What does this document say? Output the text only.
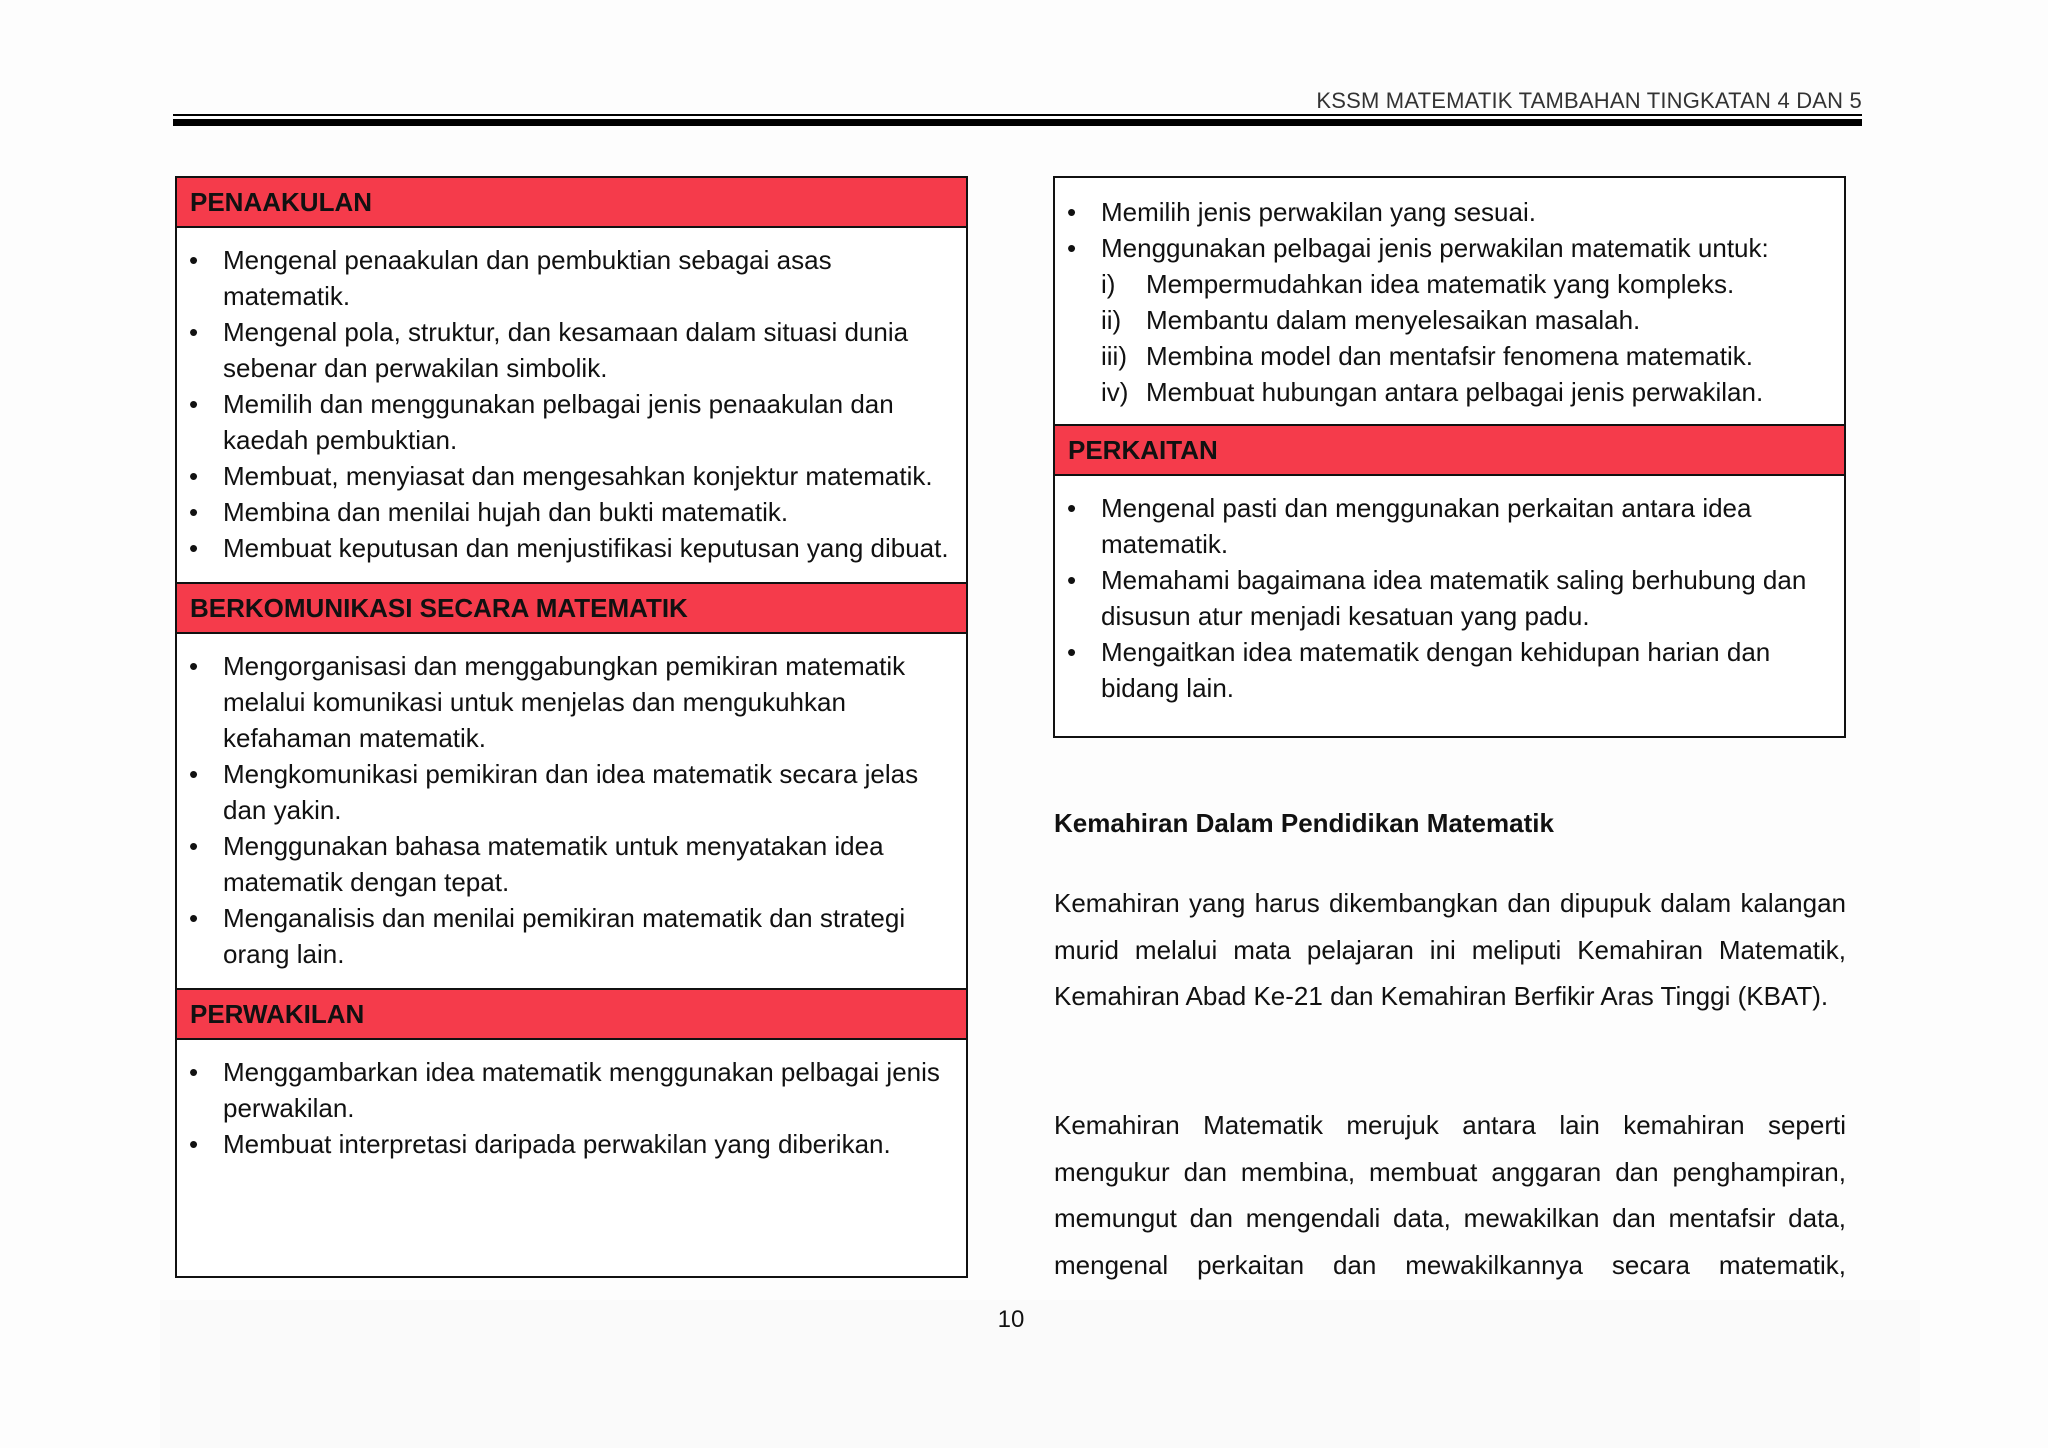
KSSM MATEMATIK TAMBAHAN TINGKATAN 4 DAN 5
PENAAKULAN
• Mengenal penaakulan dan pembuktian sebagai asas matematik.
• Mengenal pola, struktur, dan kesamaan dalam situasi dunia sebenar dan perwakilan simbolik.
• Memilih dan menggunakan pelbagai jenis penaakulan dan kaedah pembuktian.
• Membuat, menyiasat dan mengesahkan konjektur matematik.
• Membina dan menilai hujah dan bukti matematik.
• Membuat keputusan dan menjustifikasi keputusan yang dibuat.
BERKOMUNIKASI SECARA MATEMATIK
• Mengorganisasi dan menggabungkan pemikiran matematik melalui komunikasi untuk menjelas dan mengukuhkan kefahaman matematik.
• Mengkomunikasi pemikiran dan idea matematik secara jelas dan yakin.
• Menggunakan bahasa matematik untuk menyatakan idea matematik dengan tepat.
• Menganalisis dan menilai pemikiran matematik dan strategi orang lain.
PERWAKILAN
• Menggambarkan idea matematik menggunakan pelbagai jenis perwakilan.
• Membuat interpretasi daripada perwakilan yang diberikan.
• Memilih jenis perwakilan yang sesuai.
• Menggunakan pelbagai jenis perwakilan matematik untuk:
i)	Mempermudahkan idea matematik yang kompleks.
ii) Membantu dalam menyelesaikan masalah.
iii) Membina model dan mentafsir fenomena matematik.
iv) Membuat hubungan antara pelbagai jenis perwakilan.
PERKAITAN
• Mengenal pasti dan menggunakan perkaitan antara idea matematik.
• Memahami bagaimana idea matematik saling berhubung dan disusun atur menjadi kesatuan yang padu.
• Mengaitkan idea matematik dengan kehidupan harian dan bidang lain.
Kemahiran Dalam Pendidikan Matematik

Kemahiran yang harus dikembangkan dan dipupuk dalam kalangan murid melalui mata pelajaran ini meliputi Kemahiran Matematik, Kemahiran Abad Ke-21 dan Kemahiran Berfikir Aras Tinggi (KBAT).

Kemahiran Matematik merujuk antara lain kemahiran seperti mengukur dan membina, membuat anggaran dan penghampiran, memungut dan mengendali data, mewakilkan dan mentafsir data, mengenal perkaitan dan mewakilkannya secara matematik,

10
